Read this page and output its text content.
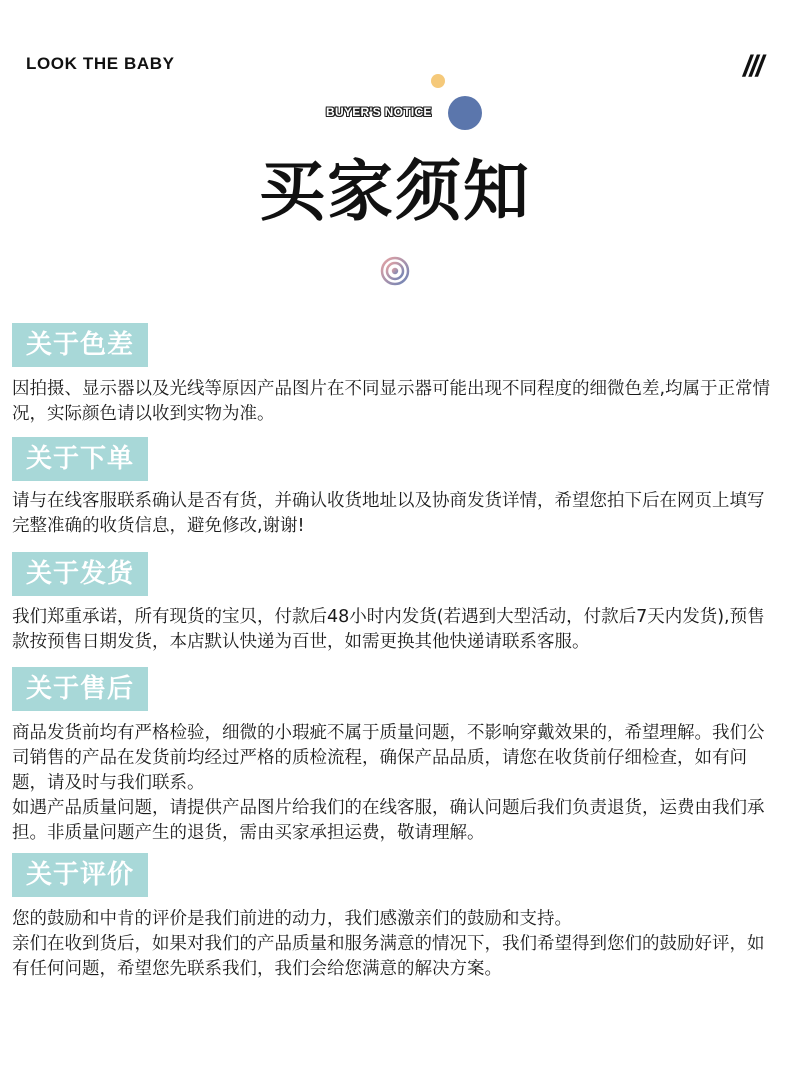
LOOK THE BABY	///
BUYER'S NOTICE
买家须知
关于色差

因拍摄、显示器以及光线等原因产品图片在不同显示器可能出现不同程度的细微色差,均属于正常情况，实际颜色请以收到实物为准。

关于下单

请与在线客服联系确认是否有货，并确认收货地址以及协商发货详情，希望您拍下后在网页上填写完整准确的收货信息，避免修改,谢谢!

关于发货

我们郑重承诺，所有现货的宝贝，付款后48小时内发货(若遇到大型活动，付款后7天内发货),预售款按预售日期发货，本店默认快递为百世，如需更换其他快递请联系客服。

关于售后

商品发货前均有严格检验，细微的小瑕疵不属于质量问题，不影响穿戴效果的，希望理解。我们公司销售的产品在发货前均经过严格的质检流程，确保产品品质，请您在收货前仔细检查，如有问题，请及时与我们联系。

如遇产品质量问题，请提供产品图片给我们的在线客服，确认问题后我们负责退货，运费由我们承担。非质量问题产生的退货，需由买家承担运费，敬请理解。

关于评价

您的鼓励和中肯的评价是我们前进的动力，我们感激亲们的鼓励和支持。

亲们在收到货后，如果对我们的产品质量和服务满意的情况下，我们希望得到您们的鼓励好评，如有任何问题，希望您先联系我们，我们会给您满意的解决方案。
